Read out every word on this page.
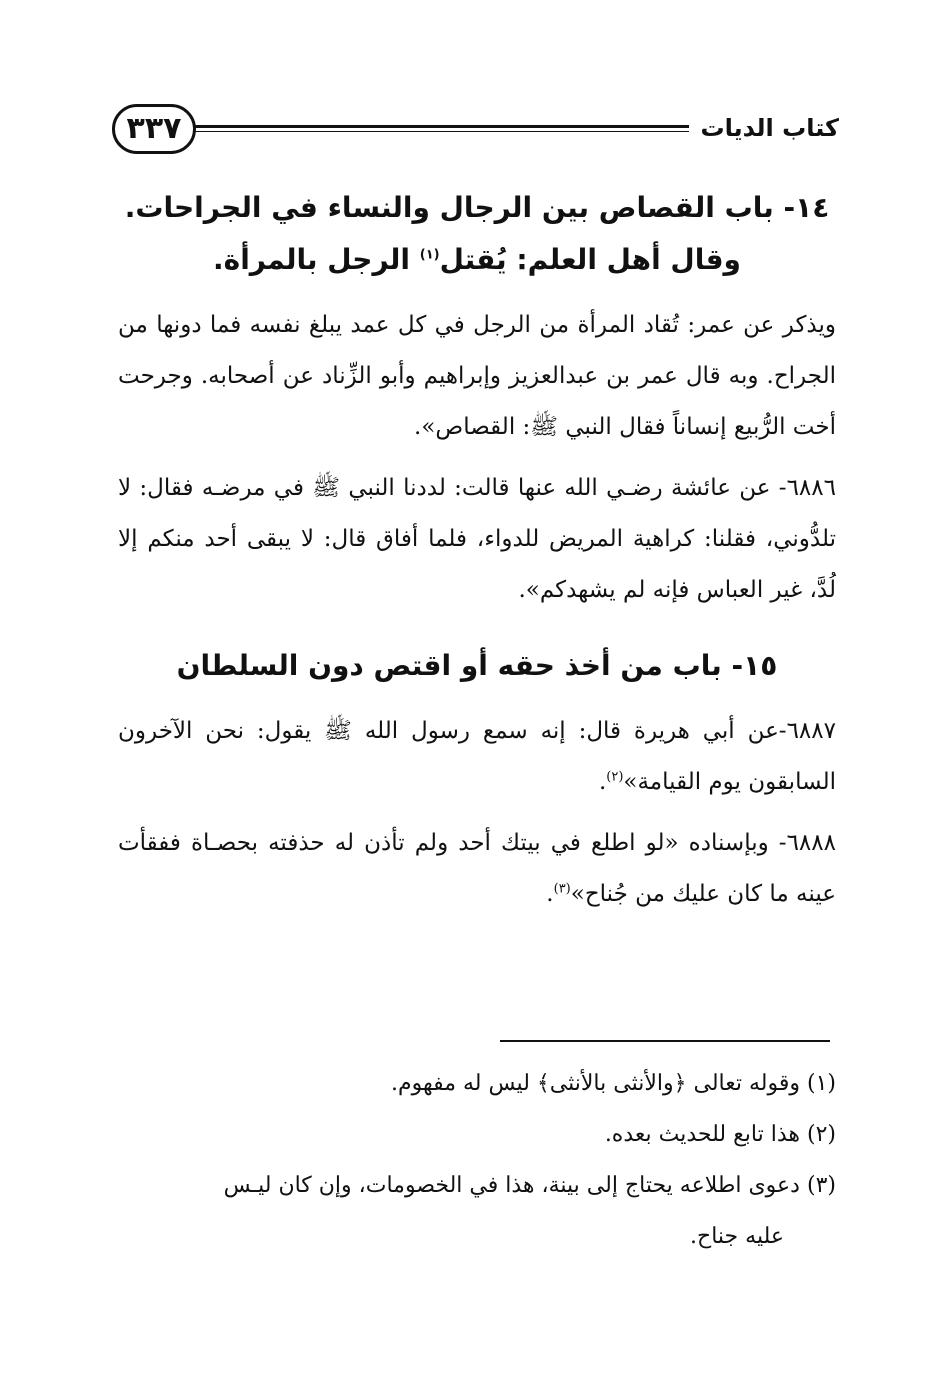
كتاب الديات
٣٣٧
١٤- باب القصاص بين الرجال والنساء في الجراحات. وقال أهل العلم: يُقتل$^{(١)}$ الرجل بالمرأة.

ويذكر عن عمر: تُقاد المرأة من الرجل في كل عمد يبلغ نفسه فما دونها من الجراح. وبه قال عمر بن عبدالعزيز وإبراهيم وأبو الزِّناد عن أصحابه. وجرحت أخت الرُّبيع إنساناً فقال النبي ﷺ: القصاص».

٦٨٨٦- عن عائشة رضـي الله عنها قالت: لددنا النبي ﷺ في مرضـه فقال: لا تلدُّوني، فقلنا: كراهية المريض للدواء، فلما أفاق قال: لا يبقى أحد منكم إلا لُدَّ، غير العباس فإنه لم يشهدكم».

١٥- باب من أخذ حقه أو اقتص دون السلطان

٦٨٨٧-عن أبي هريرة قال: إنه سمع رسول الله ﷺ يقول: نحن الآخرون السابقون يوم القيامة»$^{(٢)}$.

٦٨٨٨- وبإسناده «لو اطلع في بيتك أحد ولم تأذن له حذفته بحصـاة ففقأت عينه ما كان عليك من جُناح»$^{(٣)}$.

(١) وقوله تعالى ﴿والأنثى بالأنثى﴾ ليس له مفهوم.

(٢) هذا تابع للحديث بعده.

(٣) دعوى اطلاعه يحتاج إلى بينة، هذا في الخصومات، وإن كان ليـس

عليه جناح.
